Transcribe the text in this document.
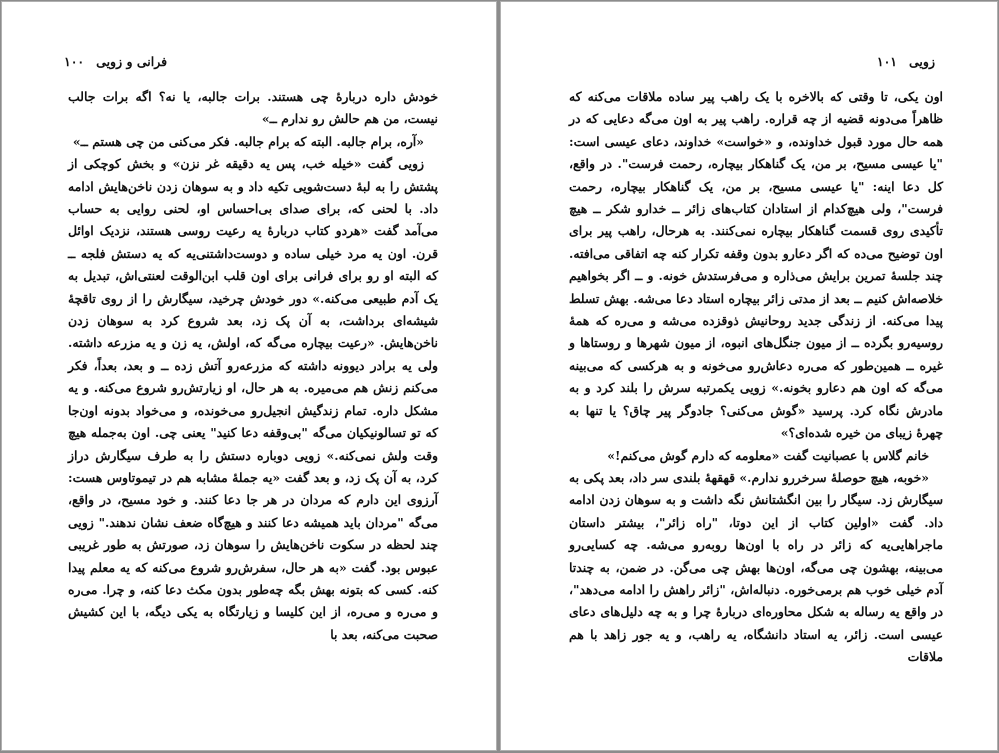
فرانی و زویی
۱۰۰

خودش داره دربارهٔ چی هستند. برات جالبه، یا نه؟ اگه برات جالب نیست، من هم حالش رو ندارم ــ»

«آره، برام جالبه. البته که برام جالبه. فکر می‌کنی من چی هستم ــ»

زویی گفت «خیله خب، پس یه دقیقه غر نزن» و بخش کوچکی از پشتش را به لبهٔ دست‌شویی تکیه داد و به سوهان زدن ناخن‌هایش ادامه داد. با لحنی که، برای صدای بی‌احساس او، لحنی روایی به حساب می‌آمد گفت «هردو کتاب دربارهٔ یه رعیت روسی هستند، نزدیک اوائل قرن. اون یه مرد خیلی ساده و دوست‌داشتنی‌یه که یه دستش فلجه ــ که البته او رو برای فرانی برای اون قلب ابن‌الوقت لعنتی‌اش، تبدیل به یک آدم طبیعی می‌کنه.» دور خودش چرخید، سیگارش را از روی تاقچهٔ شیشه‌ای برداشت، به آن پک زد، بعد شروع کرد به سوهان زدن ناخن‌هایش. «رعیت بیچاره می‌گه که، اولش، یه زن و یه مزرعه داشته. ولی یه برادر دیوونه داشته که مزرعه‌رو آتش زده ــ و بعد، بعداً، فکر می‌کنم زنش هم می‌میره. به هر حال، او زیارتش‌رو شروع می‌کنه. و یه مشکل داره. تمام زندگیش انجیل‌رو می‌خونده، و می‌خواد بدونه اون‌جا که تو تسالونیکیان می‌گه "بی‌وقفه دعا کنید" یعنی چی. اون به‌جمله هیچ وقت ولش نمی‌کنه.» زویی دوباره دستش را به طرف سیگارش دراز کرد، به آن پک زد، و بعد گفت «یه جملهٔ مشابه هم در تیموتاوس هست: آرزوی این دارم که مردان در هر جا دعا کنند. و خود مسیح، در واقع، می‌گه "مردان باید همیشه دعا کنند و هیچ‌گاه ضعف نشان ندهند." زویی چند لحظه در سکوت ناخن‌هایش را سوهان زد، صورتش به طور غریبی عبوس بود. گفت «به هر حال، سفرش‌رو شروع می‌کنه که یه معلم پیدا کنه. کسی که بتونه بهش بگه چه‌طور بدون مکث دعا کنه، و چرا. می‌ره و می‌ره و می‌ره، از این کلیسا و زیارتگاه به یکی دیگه، با این کشیش صحبت می‌کنه، بعد با

زویی
۱۰۱

اون یکی، تا وقتی که بالاخره با یک راهب پیر ساده ملاقات می‌کنه که ظاهراً می‌دونه قضیه از چه قراره. راهب پیر به اون می‌گه دعایی که در همه حال مورد قبول خداونده، و «خواست» خداوند، دعای عیسی است: "یا عیسی مسیح، بر من، یک گناهکار بیچاره، رحمت فرست". در واقع، کل دعا اینه: "یا عیسی مسیح، بر من، یک گناهکار بیچاره، رحمت فرست"، ولی هیچ‌کدام از استادان کتاب‌های زائر ــ خدارو شکر ــ هیچ تأکیدی روی قسمت گناهکار بیچاره نمی‌کنند. به هرحال، راهب پیر برای اون توضیح می‌ده که اگر دعارو بدون وقفه تکرار کنه چه اتفاقی می‌افته. چند جلسهٔ تمرین برایش می‌ذاره و می‌فرستدش خونه. و ــ اگر بخواهیم خلاصه‌اش کنیم ــ بعد از مدتی زائر بیچاره استاد دعا می‌شه. بهش تسلط پیدا می‌کنه. از زندگی جدید روحانیش ذوقزده می‌شه و می‌ره که همهٔ روسیه‌رو بگرده ــ از میون جنگل‌های انبوه، از میون شهرها و روستاها و غیره ــ همین‌طور که می‌ره دعاش‌رو می‌خونه و به هرکسی که می‌بینه می‌گه که اون هم دعارو بخونه.» زویی یکمرتبه سرش را بلند کرد و به مادرش نگاه کرد. پرسید «گوش می‌کنی؟ جادوگر پیر چاق؟ یا تنها به چهرهٔ زیبای من خیره شده‌ای؟»

خانم گلاس با عصبانیت گفت «معلومه که دارم گوش می‌کنم!»

«خوبه، هیچ حوصلهٔ سرخررو ندارم.» قهقههٔ بلندی سر داد، بعد پکی به سیگارش زد. سیگار را بین انگشتانش نگه داشت و به سوهان زدن ادامه داد. گفت «اولین کتاب از این دوتا، "راه زائر"، بیشتر داستان ماجراهایی‌یه که زائر در راه با اون‌ها روبه‌رو می‌شه. چه کسایی‌رو می‌بینه، بهشون چی می‌گه، اون‌ها بهش چی می‌گن. در ضمن، به چندتا آدم خیلی خوب هم برمی‌خوره. دنباله‌اش، "زائر راهش را ادامه می‌دهد"، در واقع یه رساله به شکل محاوره‌ای دربارهٔ چرا و به چه دلیل‌های دعای عیسی است. زائر، یه استاد دانشگاه، یه راهب، و یه جور زاهد با هم ملاقات
